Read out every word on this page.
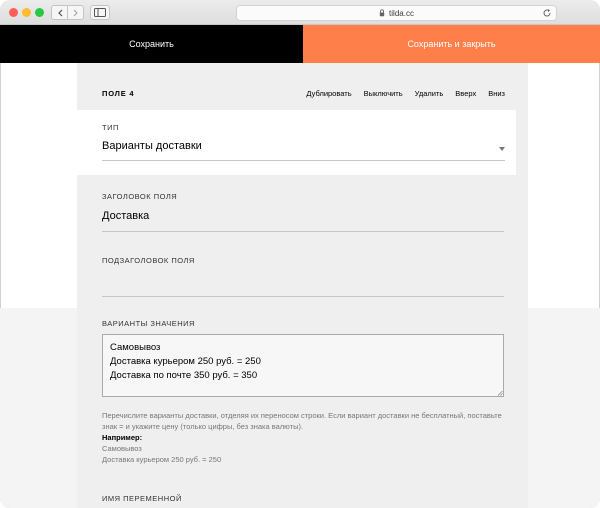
tilda.cc
Сохранить	Сохранить и закрыть
ПОЛЕ 4	Дублировать Выключить Удалить Вверх Вниз
ТИП
Варианты доставки
ЗАГОЛОВОК ПОЛЯ
Доставка
ПОДЗАГОЛОВОК ПОЛЯ
ВАРИАНТЫ ЗНАЧЕНИЯ
Самовывоз
Доставка курьером 250 руб. = 250
Доставка по почте 350 руб. = 350
Перечислите варианты доставки, отделяя их переносом строки. Если вариант доставки не бесплатный, поставьте знак = и укажите цену (только цифры, без знака валюты).
Например:
Самовывоз
Доставка курьером 250 руб. = 250
ИМЯ ПЕРЕМЕННОЙ
